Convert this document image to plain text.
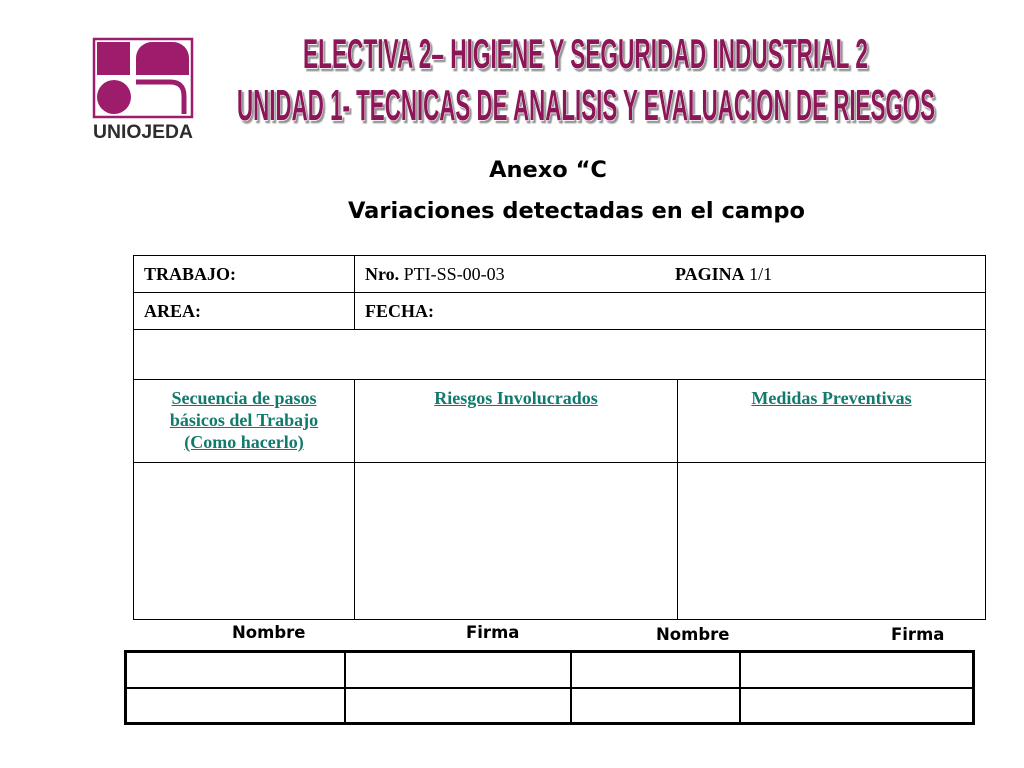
UNIOJEDA
ELECTIVA 2– HIGIENE Y SEGURIDAD INDUSTRIAL 2
UNIDAD 1- TECNICAS DE ANALISIS Y EVALUACION DE RIESGOS
Anexo “C
Variaciones detectadas en el campo
TRABAJO:	Nro. PTI-SS-00-03 PAGINA 1/1	

AREA:	FECHA:	

Secuencia de pasos básicos del Trabajo (Como hacerlo)	Riesgos Involucrados	Medidas Preventivas

Nombre	Firma	Nombre	Firma
